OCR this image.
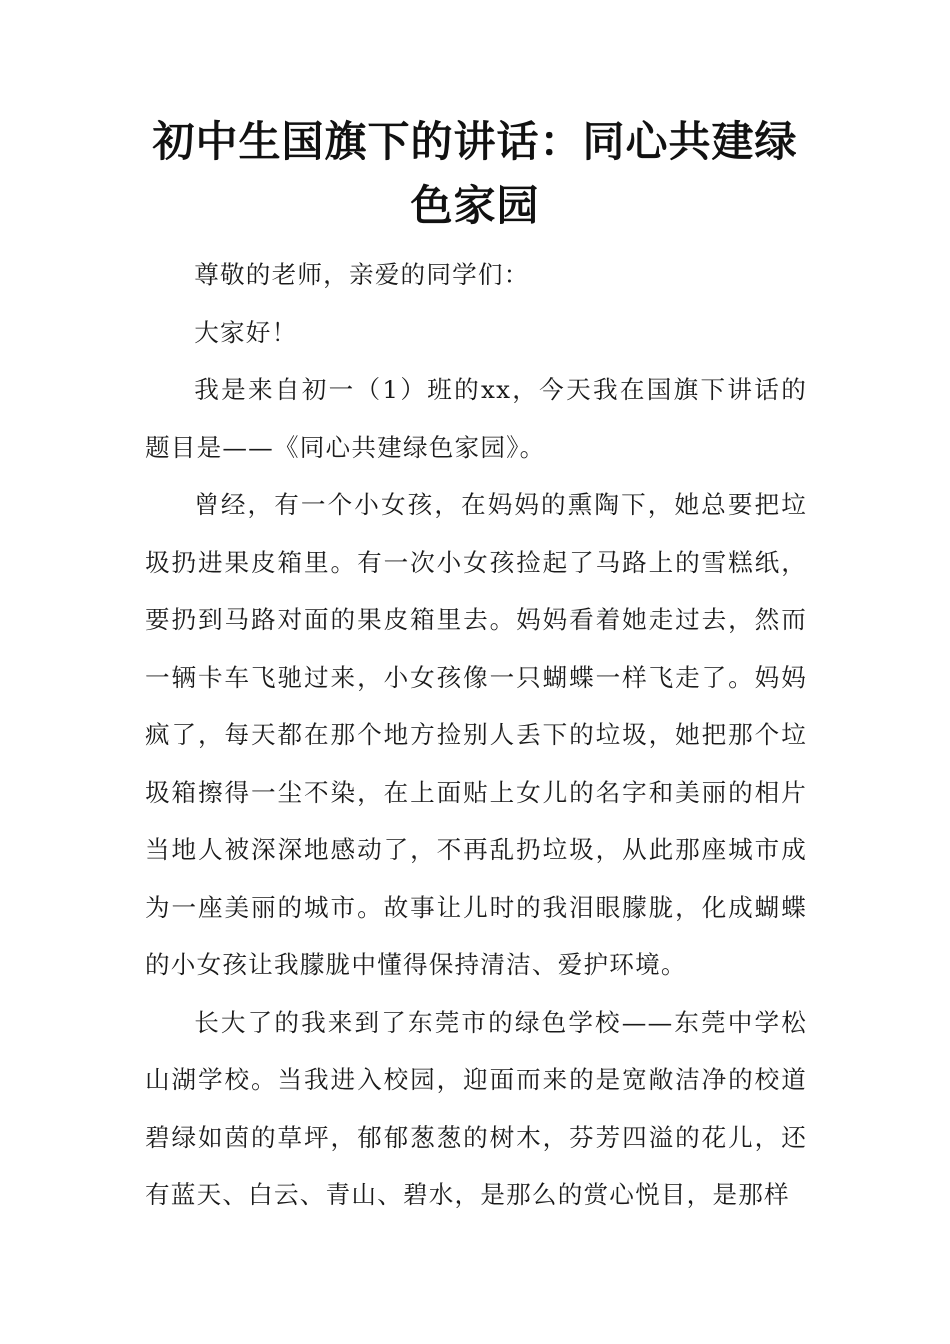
初中生国旗下的讲话：同心共建绿色家园

尊敬的老师，亲爱的同学们：

大家好！

我是来自初一（1）班的xx，今天我在国旗下讲话的题目是——《同心共建绿色家园》。

曾经，有一个小女孩，在妈妈的熏陶下，她总要把垃圾扔进果皮箱里。有一次小女孩捡起了马路上的雪糕纸，要扔到马路对面的果皮箱里去。妈妈看着她走过去，然而一辆卡车飞驰过来，小女孩像一只蝴蝶一样飞走了。妈妈疯了，每天都在那个地方捡别人丢下的垃圾，她把那个垃圾箱擦得一尘不染，在上面贴上女儿的名字和美丽的相片当地人被深深地感动了，不再乱扔垃圾，从此那座城市成为一座美丽的城市。故事让儿时的我泪眼朦胧，化成蝴蝶的小女孩让我朦胧中懂得保持清洁、爱护环境。

长大了的我来到了东莞市的绿色学校——东莞中学松山湖学校。当我进入校园，迎面而来的是宽敞洁净的校道碧绿如茵的草坪，郁郁葱葱的树木，芬芳四溢的花儿，还有蓝天、白云、青山、碧水，是那么的赏心悦目，是那样
